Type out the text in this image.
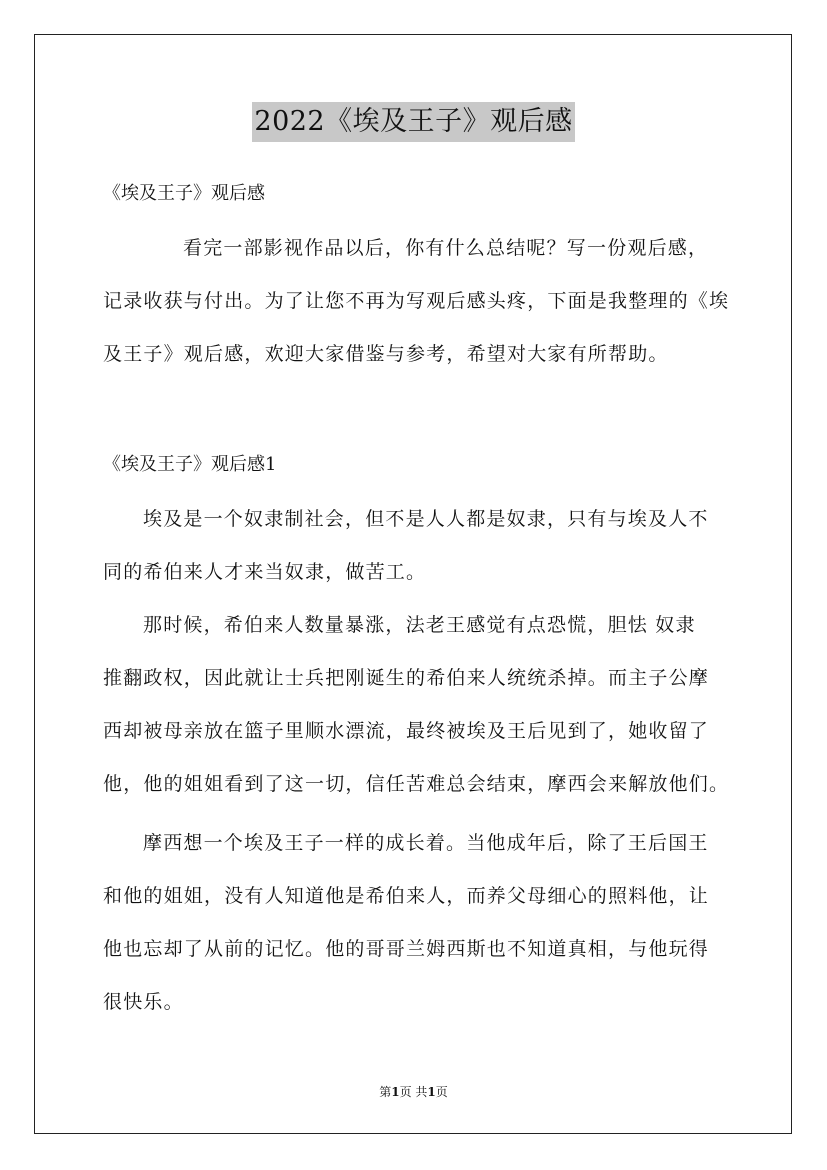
2022《埃及王子》观后感
《埃及王子》观后感
看完一部影视作品以后，你有什么总结呢？写一份观后感，
记录收获与付出。为了让您不再为写观后感头疼，下面是我整理的《埃
及王子》观后感，欢迎大家借鉴与参考，希望对大家有所帮助。
《埃及王子》观后感1
埃及是一个奴隶制社会，但不是人人都是奴隶，只有与埃及人不
同的希伯来人才来当奴隶，做苦工。
那时候，希伯来人数量暴涨，法老王感觉有点恐慌，胆怯 奴隶
推翻政权，因此就让士兵把刚诞生的希伯来人统统杀掉。而主子公摩
西却被母亲放在篮子里顺水漂流，最终被埃及王后见到了，她收留了
他，他的姐姐看到了这一切，信任苦难总会结束，摩西会来解放他们。
摩西想一个埃及王子一样的成长着。当他成年后，除了王后国王
和他的姐姐，没有人知道他是希伯来人，而养父母细心的照料他，让
他也忘却了从前的记忆。他的哥哥兰姆西斯也不知道真相，与他玩得
很快乐。
第1页 共1页
